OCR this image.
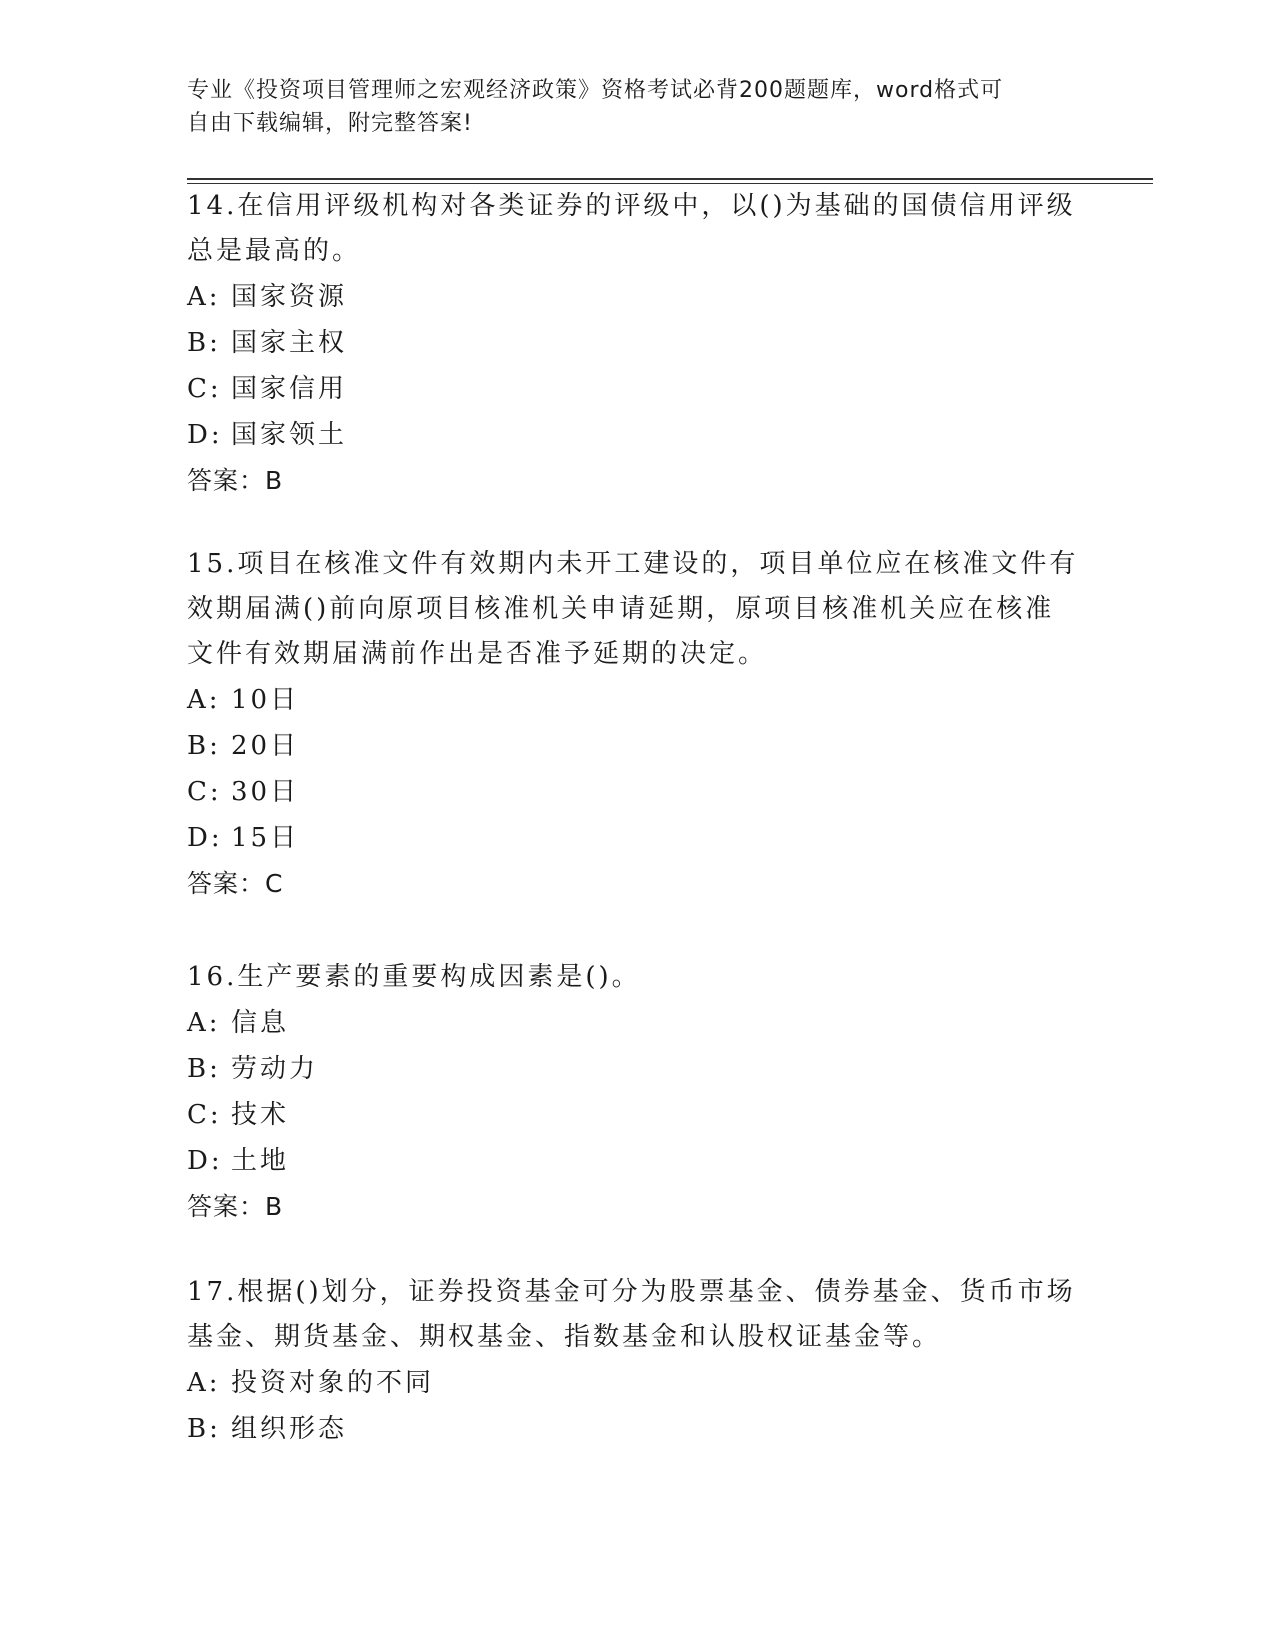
专业《投资项目管理师之宏观经济政策》资格考试必背200题题库，word格式可
自由下载编辑，附完整答案!

14.在信用评级机构对各类证券的评级中，以()为基础的国债信用评级

总是最高的。

A: 国家资源

B: 国家主权

C: 国家信用

D: 国家领土

答案：B

15.项目在核准文件有效期内未开工建设的，项目单位应在核准文件有

效期届满()前向原项目核准机关申请延期，原项目核准机关应在核准

文件有效期届满前作出是否准予延期的决定。

A: 10日

B: 20日

C: 30日

D: 15日

答案：C

16.生产要素的重要构成因素是()。

A: 信息

B: 劳动力

C: 技术

D: 土地

答案：B

17.根据()划分，证券投资基金可分为股票基金、债券基金、货币市场

基金、期货基金、期权基金、指数基金和认股权证基金等。

A: 投资对象的不同

B: 组织形态
